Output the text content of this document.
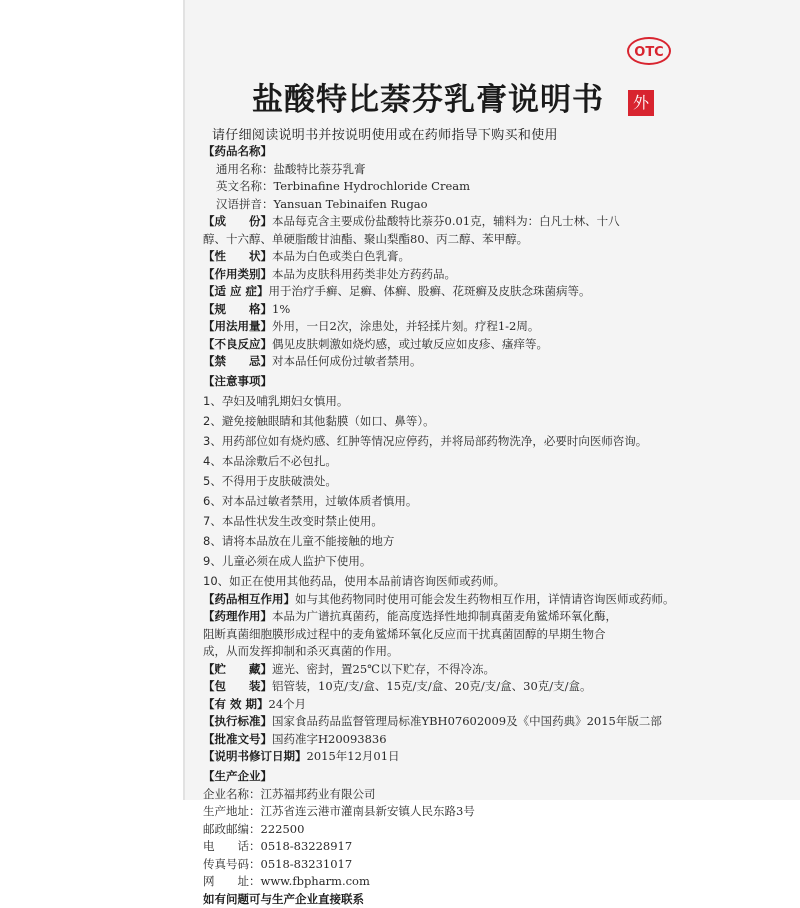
OTC
盐酸特比萘芬乳膏说明书	外
请仔细阅读说明书并按说明使用或在药师指导下购买和使用
【药品名称】
通用名称：盐酸特比萘芬乳膏
英文名称：Terbinafine Hydrochloride Cream
汉语拼音：Yansuan Tebinaifen Rugao
【成　　份】本品每克含主要成份盐酸特比萘芬0.01克，辅料为：白凡士林、十八
醇、十六醇、单硬脂酸甘油酯、聚山梨酯80、丙二醇、苯甲醇。
【性　　状】本品为白色或类白色乳膏。
【作用类别】本品为皮肤科用药类非处方药药品。
【适 应 症】用于治疗手癣、足癣、体癣、股癣、花斑癣及皮肤念珠菌病等。
【规　　格】1%
【用法用量】外用，一日2次，涂患处，并轻揉片刻。疗程1-2周。
【不良反应】偶见皮肤刺激如烧灼感，或过敏反应如皮疹、瘙痒等。
【禁　　忌】对本品任何成份过敏者禁用。
【注意事项】
1、孕妇及哺乳期妇女慎用。
2、避免接触眼睛和其他黏膜（如口、鼻等）。
3、用药部位如有烧灼感、红肿等情况应停药，并将局部药物洗净，必要时向医师咨询。
4、本品涂敷后不必包扎。
5、不得用于皮肤破溃处。
6、对本品过敏者禁用，过敏体质者慎用。
7、本品性状发生改变时禁止使用。
8、请将本品放在儿童不能接触的地方
9、儿童必须在成人监护下使用。
10、如正在使用其他药品，使用本品前请咨询医师或药师。
【药品相互作用】如与其他药物同时使用可能会发生药物相互作用，详情请咨询医师或药师。
【药理作用】本品为广谱抗真菌药，能高度选择性地抑制真菌麦角鲨烯环氧化酶，
阻断真菌细胞膜形成过程中的麦角鲨烯环氧化反应而干扰真菌固醇的早期生物合
成，从而发挥抑制和杀灭真菌的作用。
【贮　　藏】遮光、密封，置25℃以下贮存，不得冷冻。
【包　　装】铝管装，10克/支/盒、15克/支/盒、20克/支/盒、30克/支/盒。
【有 效 期】24个月
【执行标准】国家食品药品监督管理局标准YBH07602009及《中国药典》2015年版二部
【批准文号】国药准字H20093836
【说明书修订日期】2015年12月01日
【生产企业】
企业名称：江苏福邦药业有限公司
生产地址：江苏省连云港市灌南县新安镇人民东路3号
邮政邮编：222500
电　　话：0518-83228917
传真号码：0518-83231017
网　　址：www.fbpharm.com
如有问题可与生产企业直接联系
